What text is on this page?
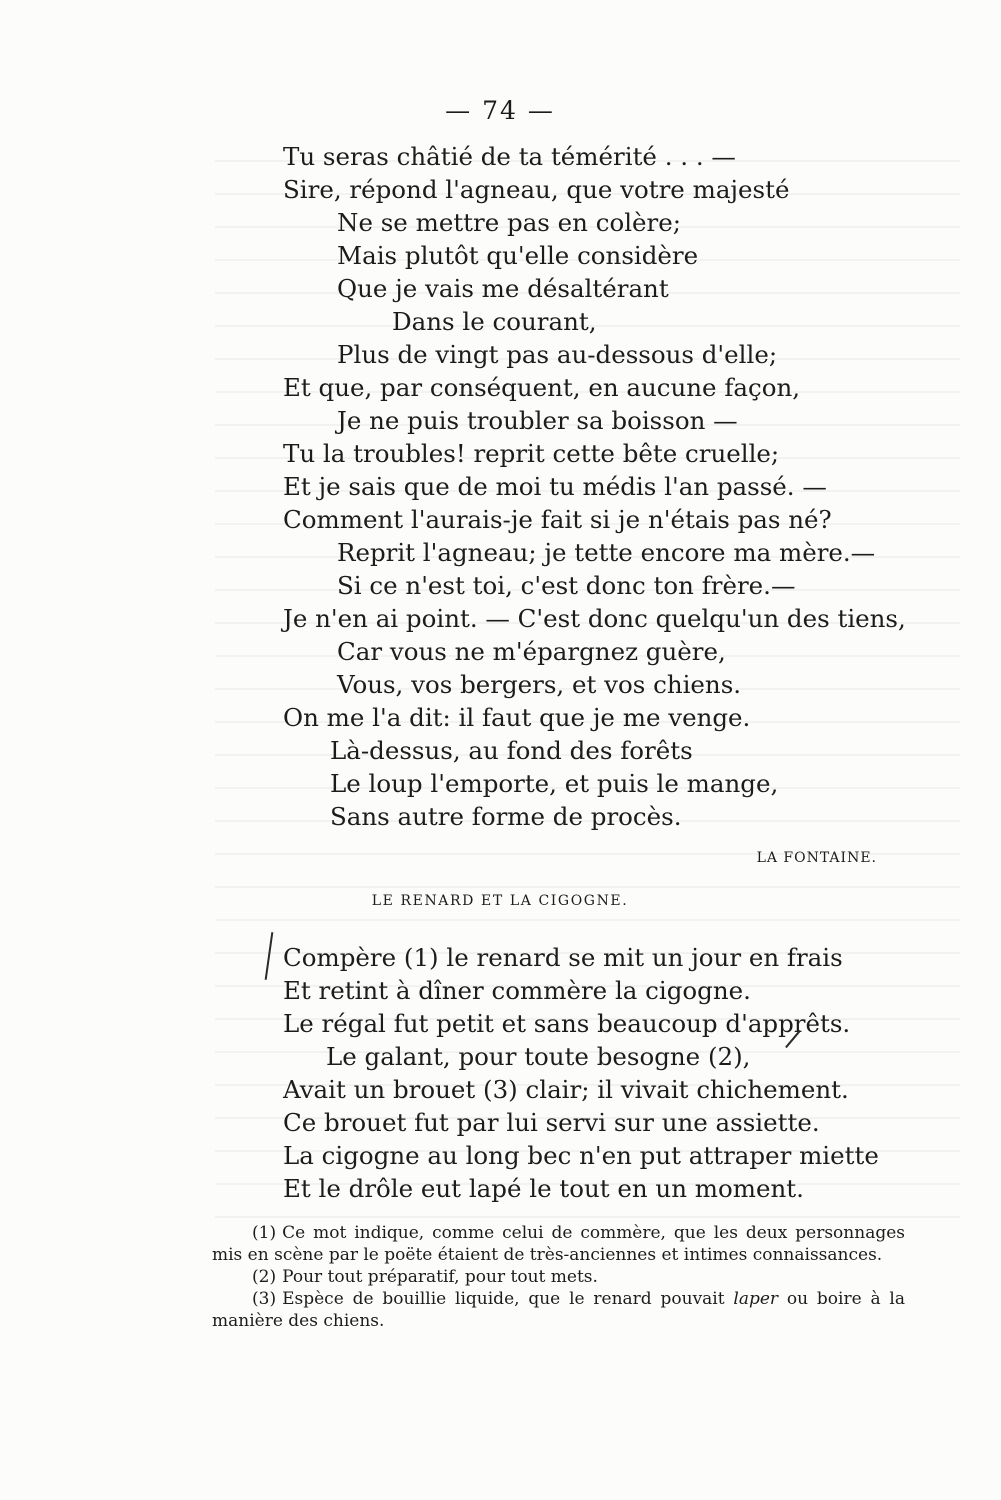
— 74 —
Tu seras châtié de ta témérité . . . —
Sire, répond l'agneau, que votre majesté
Ne se mettre pas en colère;
Mais plutôt qu'elle considère
Que je vais me désaltérant
Dans le courant,
Plus de vingt pas au-dessous d'elle;
Et que, par conséquent, en aucune façon,
Je ne puis troubler sa boisson —
Tu la troubles! reprit cette bête cruelle;
Et je sais que de moi tu médis l'an passé. —
Comment l'aurais-je fait si je n'étais pas né?
Reprit l'agneau; je tette encore ma mère.—
Si ce n'est toi, c'est donc ton frère.—
Je n'en ai point. — C'est donc quelqu'un des tiens,
Car vous ne m'épargnez guère,
Vous, vos bergers, et vos chiens.
On me l'a dit: il faut que je me venge.
Là-dessus, au fond des forêts
Le loup l'emporte, et puis le mange,
Sans autre forme de procès.
LA FONTAINE.
LE RENARD ET LA CIGOGNE.
Compère (1) le renard se mit un jour en frais
Et retint à dîner commère la cigogne.
Le régal fut petit et sans beaucoup d'apprêts.
Le galant, pour toute besogne (2),
Avait un brouet (3) clair; il vivait chichement.
Ce brouet fut par lui servi sur une assiette.
La cigogne au long bec n'en put attraper miette
Et le drôle eut lapé le tout en un moment.

(1) Ce mot indique, comme celui de commère, que les deux personnages

mis en scène par le poëte étaient de très-anciennes et intimes connaissances.

(2) Pour tout préparatif, pour tout mets.

(3) Espèce de bouillie liquide, que le renard pouvait laper ou boire à la manière des chiens.
